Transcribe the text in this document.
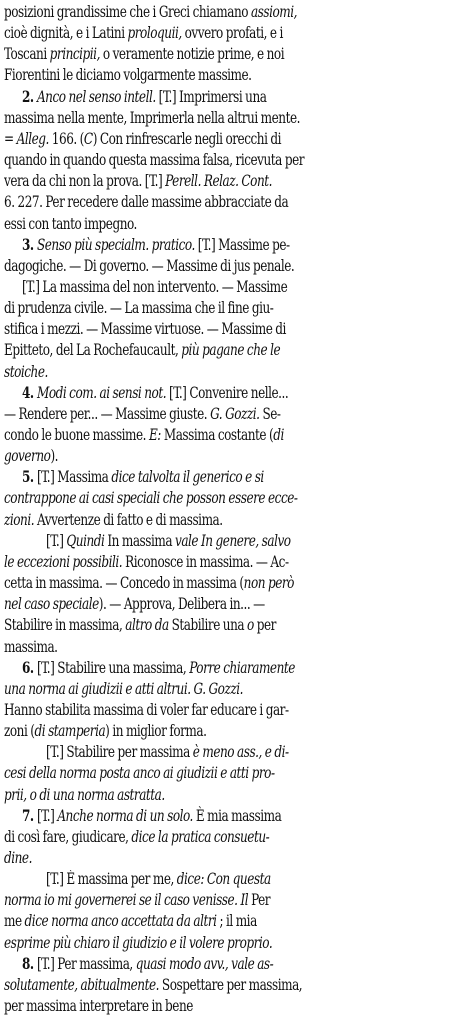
posizioni grandissime che i Greci chiamano assiomi,
cioè dignità, e i Latini proloquii, ovvero profati, e i
Toscani principii, o veramente notizie prime, e noi
Fiorentini le diciamo volgarmente massime.
2. Anco nel senso intell. [T.] Imprimersi una
massima nella mente, Imprimerla nella altrui mente.
= Alleg. 166. (C) Con rinfrescarle negli orecchi di
quando in quando questa massima falsa, ricevuta per
vera da chi non la prova. [T.] Perell. Relaz. Cont.
6. 227. Per recedere dalle massime abbracciate da
essi con tanto impegno.
3. Senso più specialm. pratico. [T.] Massime pe-
dagogiche. — Di governo. — Massime di jus penale.
[T.] La massima del non intervento. — Massime
di prudenza civile. — La massima che il fine giu-
stifica i mezzi. — Massime virtuose. — Massime di
Epitteto, del La Rochefaucault, più pagane che le
stoiche.
4. Modi com. ai sensi not. [T.] Convenire nelle...
— Rendere per... — Massime giuste. G. Gozzi. Se-
condo le buone massime. E: Massima costante (di
governo).
5. [T.] Massima dice talvolta il generico e si
contrappone ai casi speciali che posson essere ecce-
zioni. Avvertenze di fatto e di massima.
[T.] Quindi In massima vale In genere, salvo
le eccezioni possibili. Riconosce in massima. — Ac-
cetta in massima. — Concedo in massima (non però
nel caso speciale). — Approva, Delibera in... —
Stabilire in massima, altro da Stabilire una o per
massima.
6. [T.] Stabilire una massima, Porre chiaramente
una norma ai giudizii e atti altrui. G. Gozzi.
Hanno stabilita massima di voler far educare i gar-
zoni (di stamperia) in miglior forma.
[T.] Stabilire per massima è meno ass., e di-
cesi della norma posta anco ai giudizii e atti pro-
prii, o di una norma astratta.
7. [T.] Anche norma di un solo. È mia massima
di così fare, giudicare, dice la pratica consuetu-
dine.
[T.] È massima per me, dice: Con questa
norma io mi governerei se il caso venisse. Il Per
me dice norma anco accettata da altri ; il mia
esprime più chiaro il giudizio e il volere proprio.
8. [T.] Per massima, quasi modo avv., vale as-
solutamente, abitualmente. Sospettare per massima,
per massima interpretare in bene
